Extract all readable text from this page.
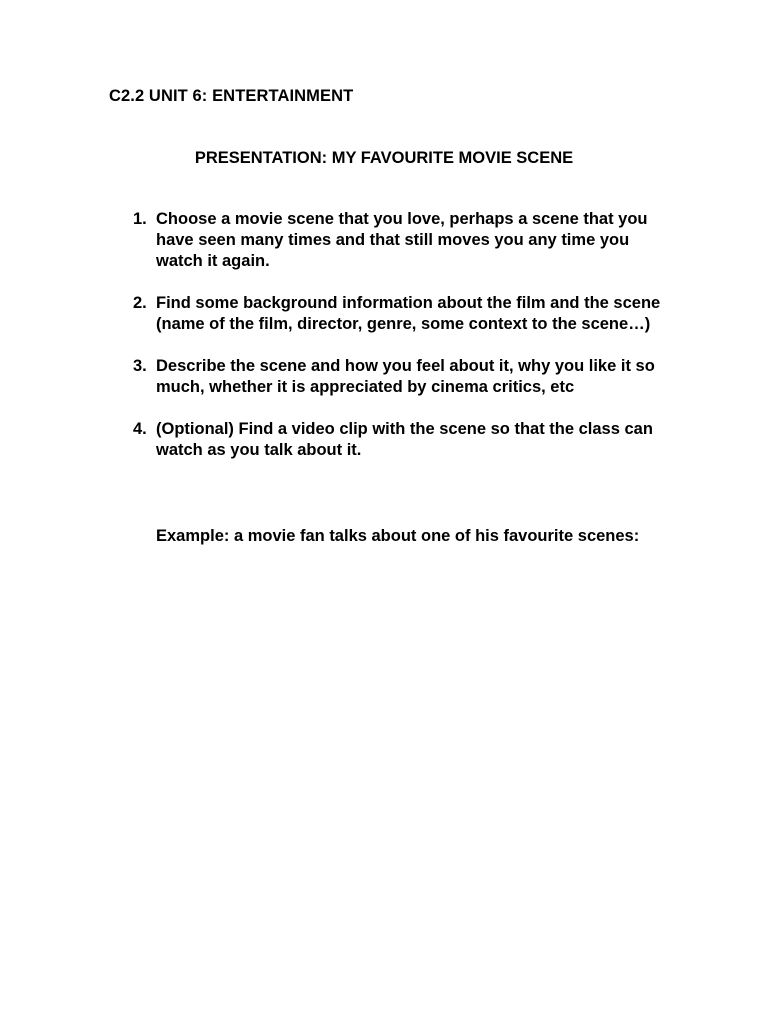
C2.2 UNIT 6: ENTERTAINMENT

PRESENTATION: MY FAVOURITE MOVIE SCENE

1. Choose a movie scene that you love, perhaps a scene that you have seen many times and that still moves you any time you watch it again.
2. Find some background information about the film and the scene (name of the film, director, genre, some context to the scene…)
3. Describe the scene and how you feel about it, why you like it so much, whether it is appreciated by cinema critics, etc
4. (Optional) Find a video clip with the scene so that the class can watch as you talk about it.

Example: a movie fan talks about one of his favourite scenes:
